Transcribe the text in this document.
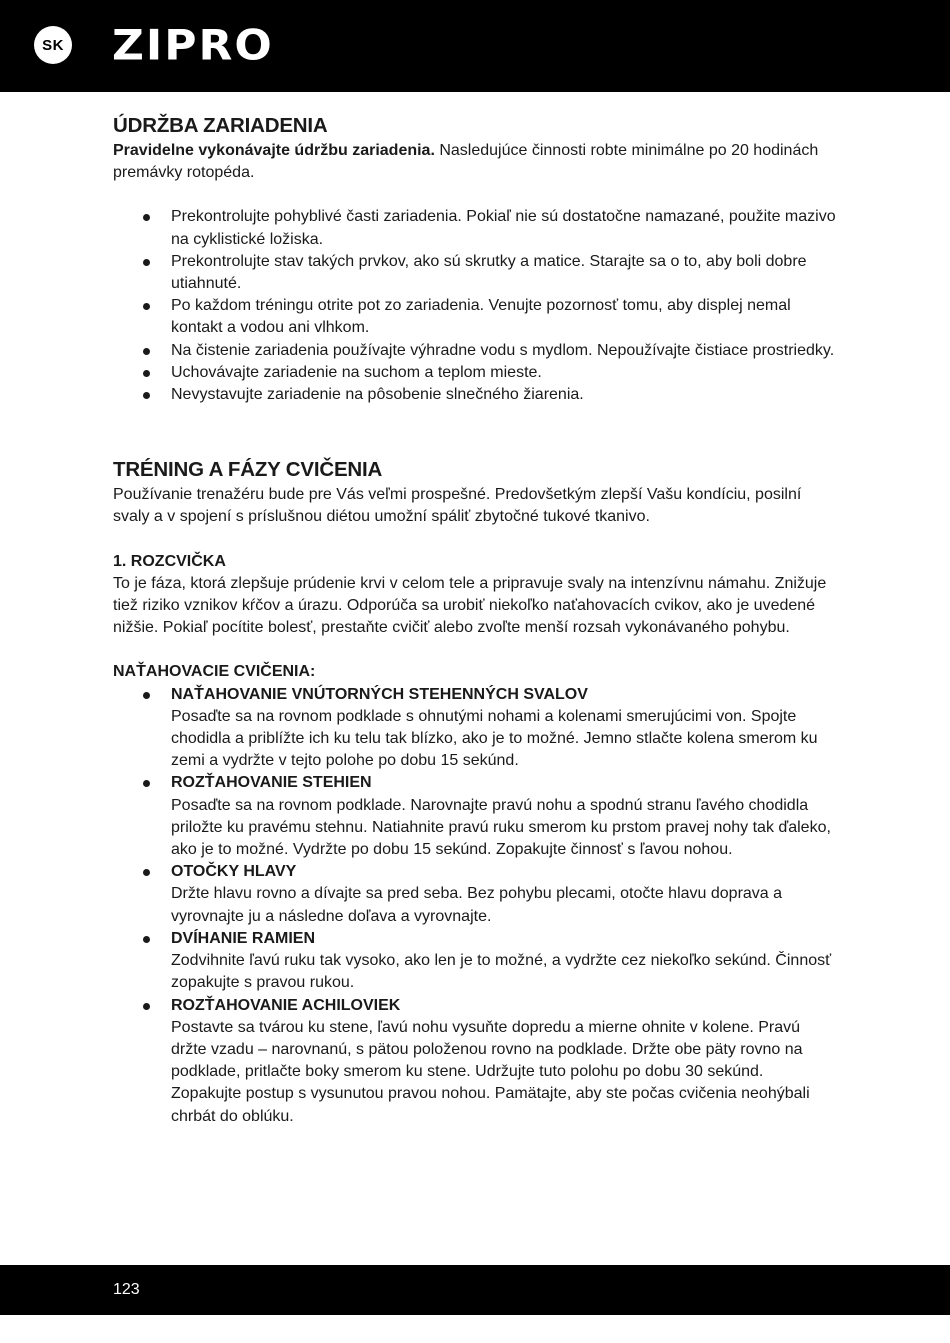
SK ZIPRO
ÚDRŽBA ZARIADENIA

Pravidelne vykonávajte údržbu zariadenia. Nasledujúce činnosti robte minimálne po 20 hodinách premávky rotopéda.

Prekontrolujte pohyblivé časti zariadenia. Pokiaľ nie sú dostatočne namazané, použite mazivo na cyklistické ložiska.
Prekontrolujte stav takých prvkov, ako sú skrutky a matice. Starajte sa o to, aby boli dobre utiahnuté.
Po každom tréningu otrite pot zo zariadenia. Venujte pozornosť tomu, aby displej nemal kontakt a vodou ani vlhkom.
Na čistenie zariadenia používajte výhradne vodu s mydlom. Nepoužívajte čistiace prostriedky.
Uchovávajte zariadenie na suchom a teplom mieste.
Nevystavujte zariadenie na pôsobenie slnečného žiarenia.
TRÉNING A FÁZY CVIČENIA

Používanie trenažéru bude pre Vás veľmi prospešné. Predovšetkým zlepší Vašu kondíciu, posilní svaly a v spojení s príslušnou diétou umožní spáliť zbytočné tukové tkanivo.

1. ROZCVIČKA

To je fáza, ktorá zlepšuje prúdenie krvi v celom tele a pripravuje svaly na intenzívnu námahu. Znižuje tiež riziko vznikov kŕčov a úrazu. Odporúča sa urobiť niekoľko naťahovacích cvikov, ako je uvedené nižšie. Pokiaľ pocítite bolesť, prestaňte cvičiť alebo zvoľte menší rozsah vykonávaného pohybu.

NAŤAHOVACIE CVIČENIA:

NAŤAHOVANIE VNÚTORNÝCH STEHENNÝCH SVALOV
Posaďte sa na rovnom podklade s ohnutými nohami a kolenami smerujúcimi von. Spojte chodidla a priblížte ich ku telu tak blízko, ako je to možné. Jemno stlačte kolena smerom ku zemi a vydržte v tejto polohe po dobu 15 sekúnd.
ROZŤAHOVANIE STEHIEN
Posaďte sa na rovnom podklade. Narovnajte pravú nohu a spodnú stranu ľavého chodidla priložte ku pravému stehnu. Natiahnite pravú ruku smerom ku prstom pravej nohy tak ďaleko, ako je to možné. Vydržte po dobu 15 sekúnd. Zopakujte činnosť s ľavou nohou.
OTOČKY HLAVY
Držte hlavu rovno a dívajte sa pred seba. Bez pohybu plecami, otočte hlavu doprava a vyrovnajte ju a následne doľava a vyrovnajte.
DVÍHANIE RAMIEN
Zodvihnite ľavú ruku tak vysoko, ako len je to možné, a vydržte cez niekoľko sekúnd. Činnosť zopakujte s pravou rukou.
ROZŤAHOVANIE ACHILOVIEK
Postavte sa tvárou ku stene, ľavú nohu vysuňte dopredu a mierne ohnite v kolene. Pravú držte vzadu – narovnanú, s pätou položenou rovno na podklade. Držte obe päty rovno na podklade, pritlačte boky smerom ku stene. Udržujte tuto polohu po dobu 30 sekúnd. Zopakujte postup s vysunutou pravou nohou. Pamätajte, aby ste počas cvičenia neohýbali chrbát do oblúku.
123
